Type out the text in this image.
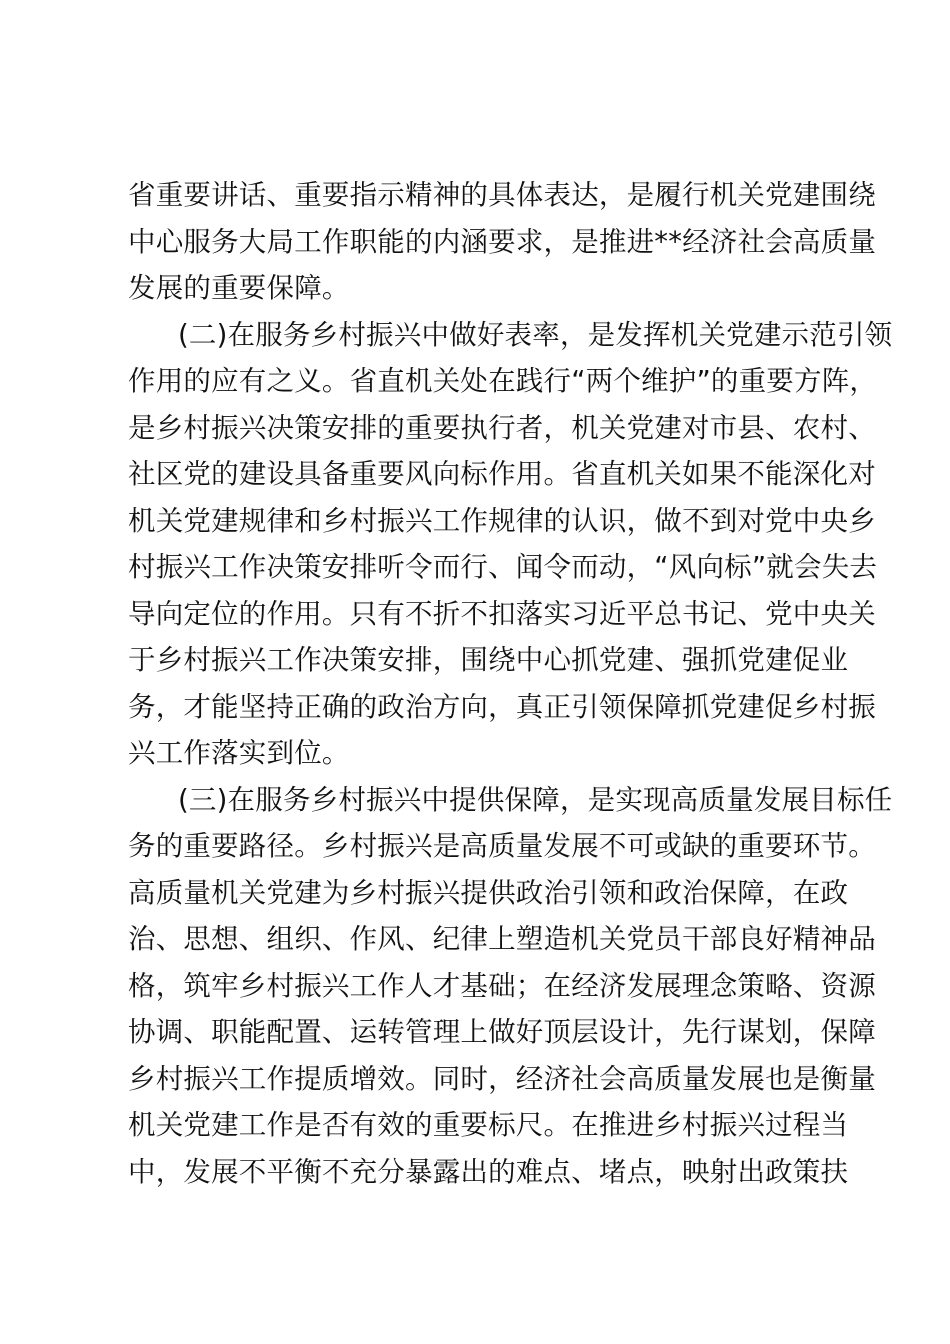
省重要讲话、重要指示精神的具体表达，是履行机关党建围绕
中心服务大局工作职能的内涵要求，是推进**经济社会高质量
发展的重要保障。
(二)在服务乡村振兴中做好表率，是发挥机关党建示范引领
作用的应有之义。省直机关处在践行“两个维护”的重要方阵，
是乡村振兴决策安排的重要执行者，机关党建对市县、农村、
社区党的建设具备重要风向标作用。省直机关如果不能深化对
机关党建规律和乡村振兴工作规律的认识，做不到对党中央乡
村振兴工作决策安排听令而行、闻令而动，“风向标”就会失去
导向定位的作用。只有不折不扣落实习近平总书记、党中央关
于乡村振兴工作决策安排，围绕中心抓党建、强抓党建促业
务，才能坚持正确的政治方向，真正引领保障抓党建促乡村振
兴工作落实到位。
(三)在服务乡村振兴中提供保障，是实现高质量发展目标任
务的重要路径。乡村振兴是高质量发展不可或缺的重要环节。
高质量机关党建为乡村振兴提供政治引领和政治保障，在政
治、思想、组织、作风、纪律上塑造机关党员干部良好精神品
格，筑牢乡村振兴工作人才基础；在经济发展理念策略、资源
协调、职能配置、运转管理上做好顶层设计，先行谋划，保障
乡村振兴工作提质增效。同时，经济社会高质量发展也是衡量
机关党建工作是否有效的重要标尺。在推进乡村振兴过程当
中，发展不平衡不充分暴露出的难点、堵点，映射出政策扶
